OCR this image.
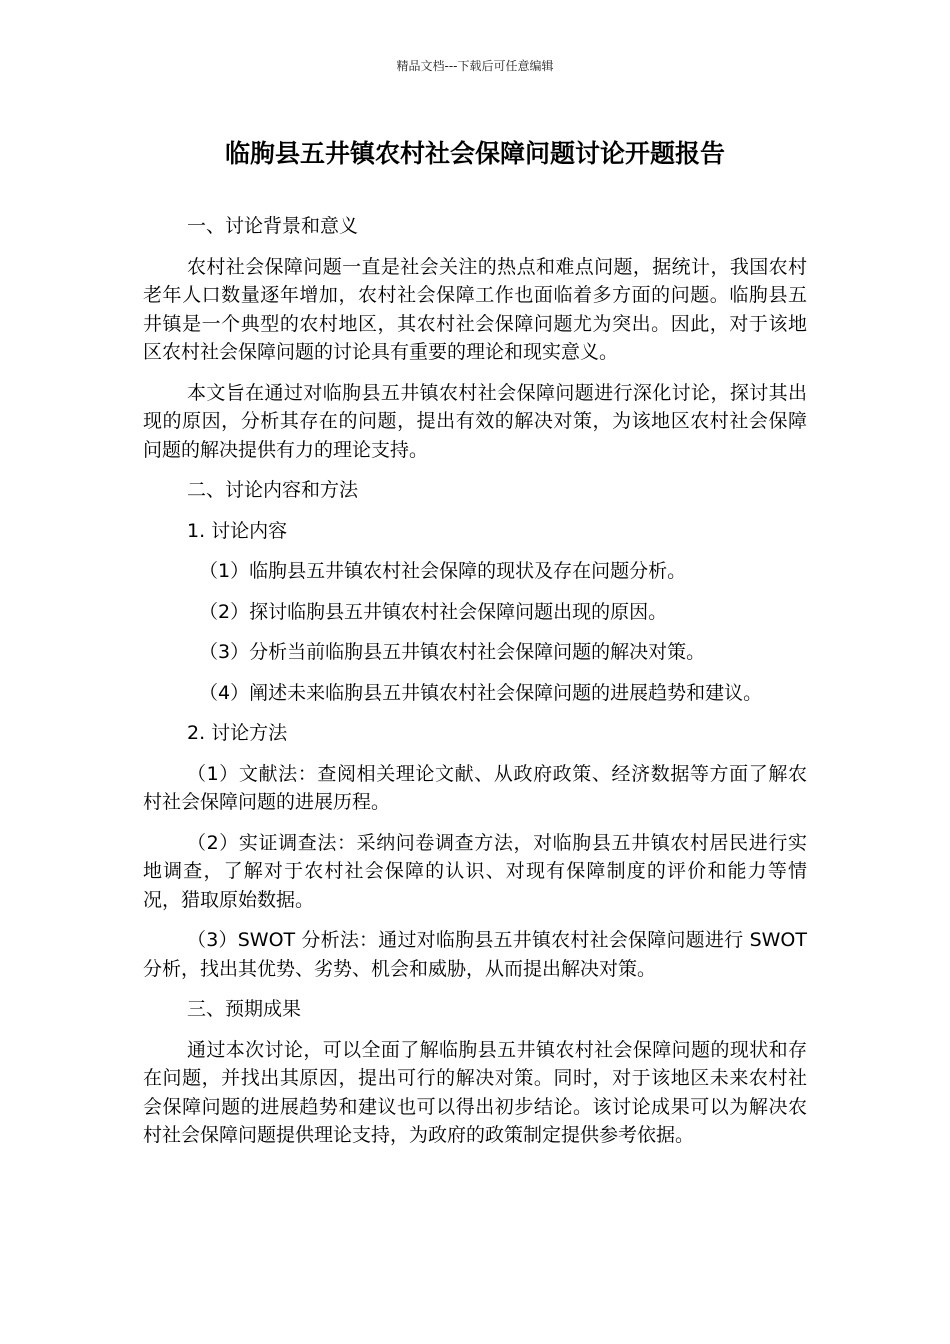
精品文档---下载后可任意编辑
临朐县五井镇农村社会保障问题讨论开题报告

一、讨论背景和意义

农村社会保障问题一直是社会关注的热点和难点问题，据统计，我国农村老年人口数量逐年增加，农村社会保障工作也面临着多方面的问题。临朐县五井镇是一个典型的农村地区，其农村社会保障问题尤为突出。因此，对于该地区农村社会保障问题的讨论具有重要的理论和现实意义。

本文旨在通过对临朐县五井镇农村社会保障问题进行深化讨论，探讨其出现的原因，分析其存在的问题，提出有效的解决对策，为该地区农村社会保障问题的解决提供有力的理论支持。

二、讨论内容和方法

1. 讨论内容

（1）临朐县五井镇农村社会保障的现状及存在问题分析。

（2）探讨临朐县五井镇农村社会保障问题出现的原因。

（3）分析当前临朐县五井镇农村社会保障问题的解决对策。

（4）阐述未来临朐县五井镇农村社会保障问题的进展趋势和建议。

2. 讨论方法

（1）文献法：查阅相关理论文献、从政府政策、经济数据等方面了解农村社会保障问题的进展历程。

（2）实证调查法：采纳问卷调查方法，对临朐县五井镇农村居民进行实地调查，了解对于农村社会保障的认识、对现有保障制度的评价和能力等情况，猎取原始数据。

（3）SWOT 分析法：通过对临朐县五井镇农村社会保障问题进行 SWOT 分析，找出其优势、劣势、机会和威胁，从而提出解决对策。

三、预期成果

通过本次讨论，可以全面了解临朐县五井镇农村社会保障问题的现状和存在问题，并找出其原因，提出可行的解决对策。同时，对于该地区未来农村社会保障问题的进展趋势和建议也可以得出初步结论。该讨论成果可以为解决农村社会保障问题提供理论支持，为政府的政策制定提供参考依据。
